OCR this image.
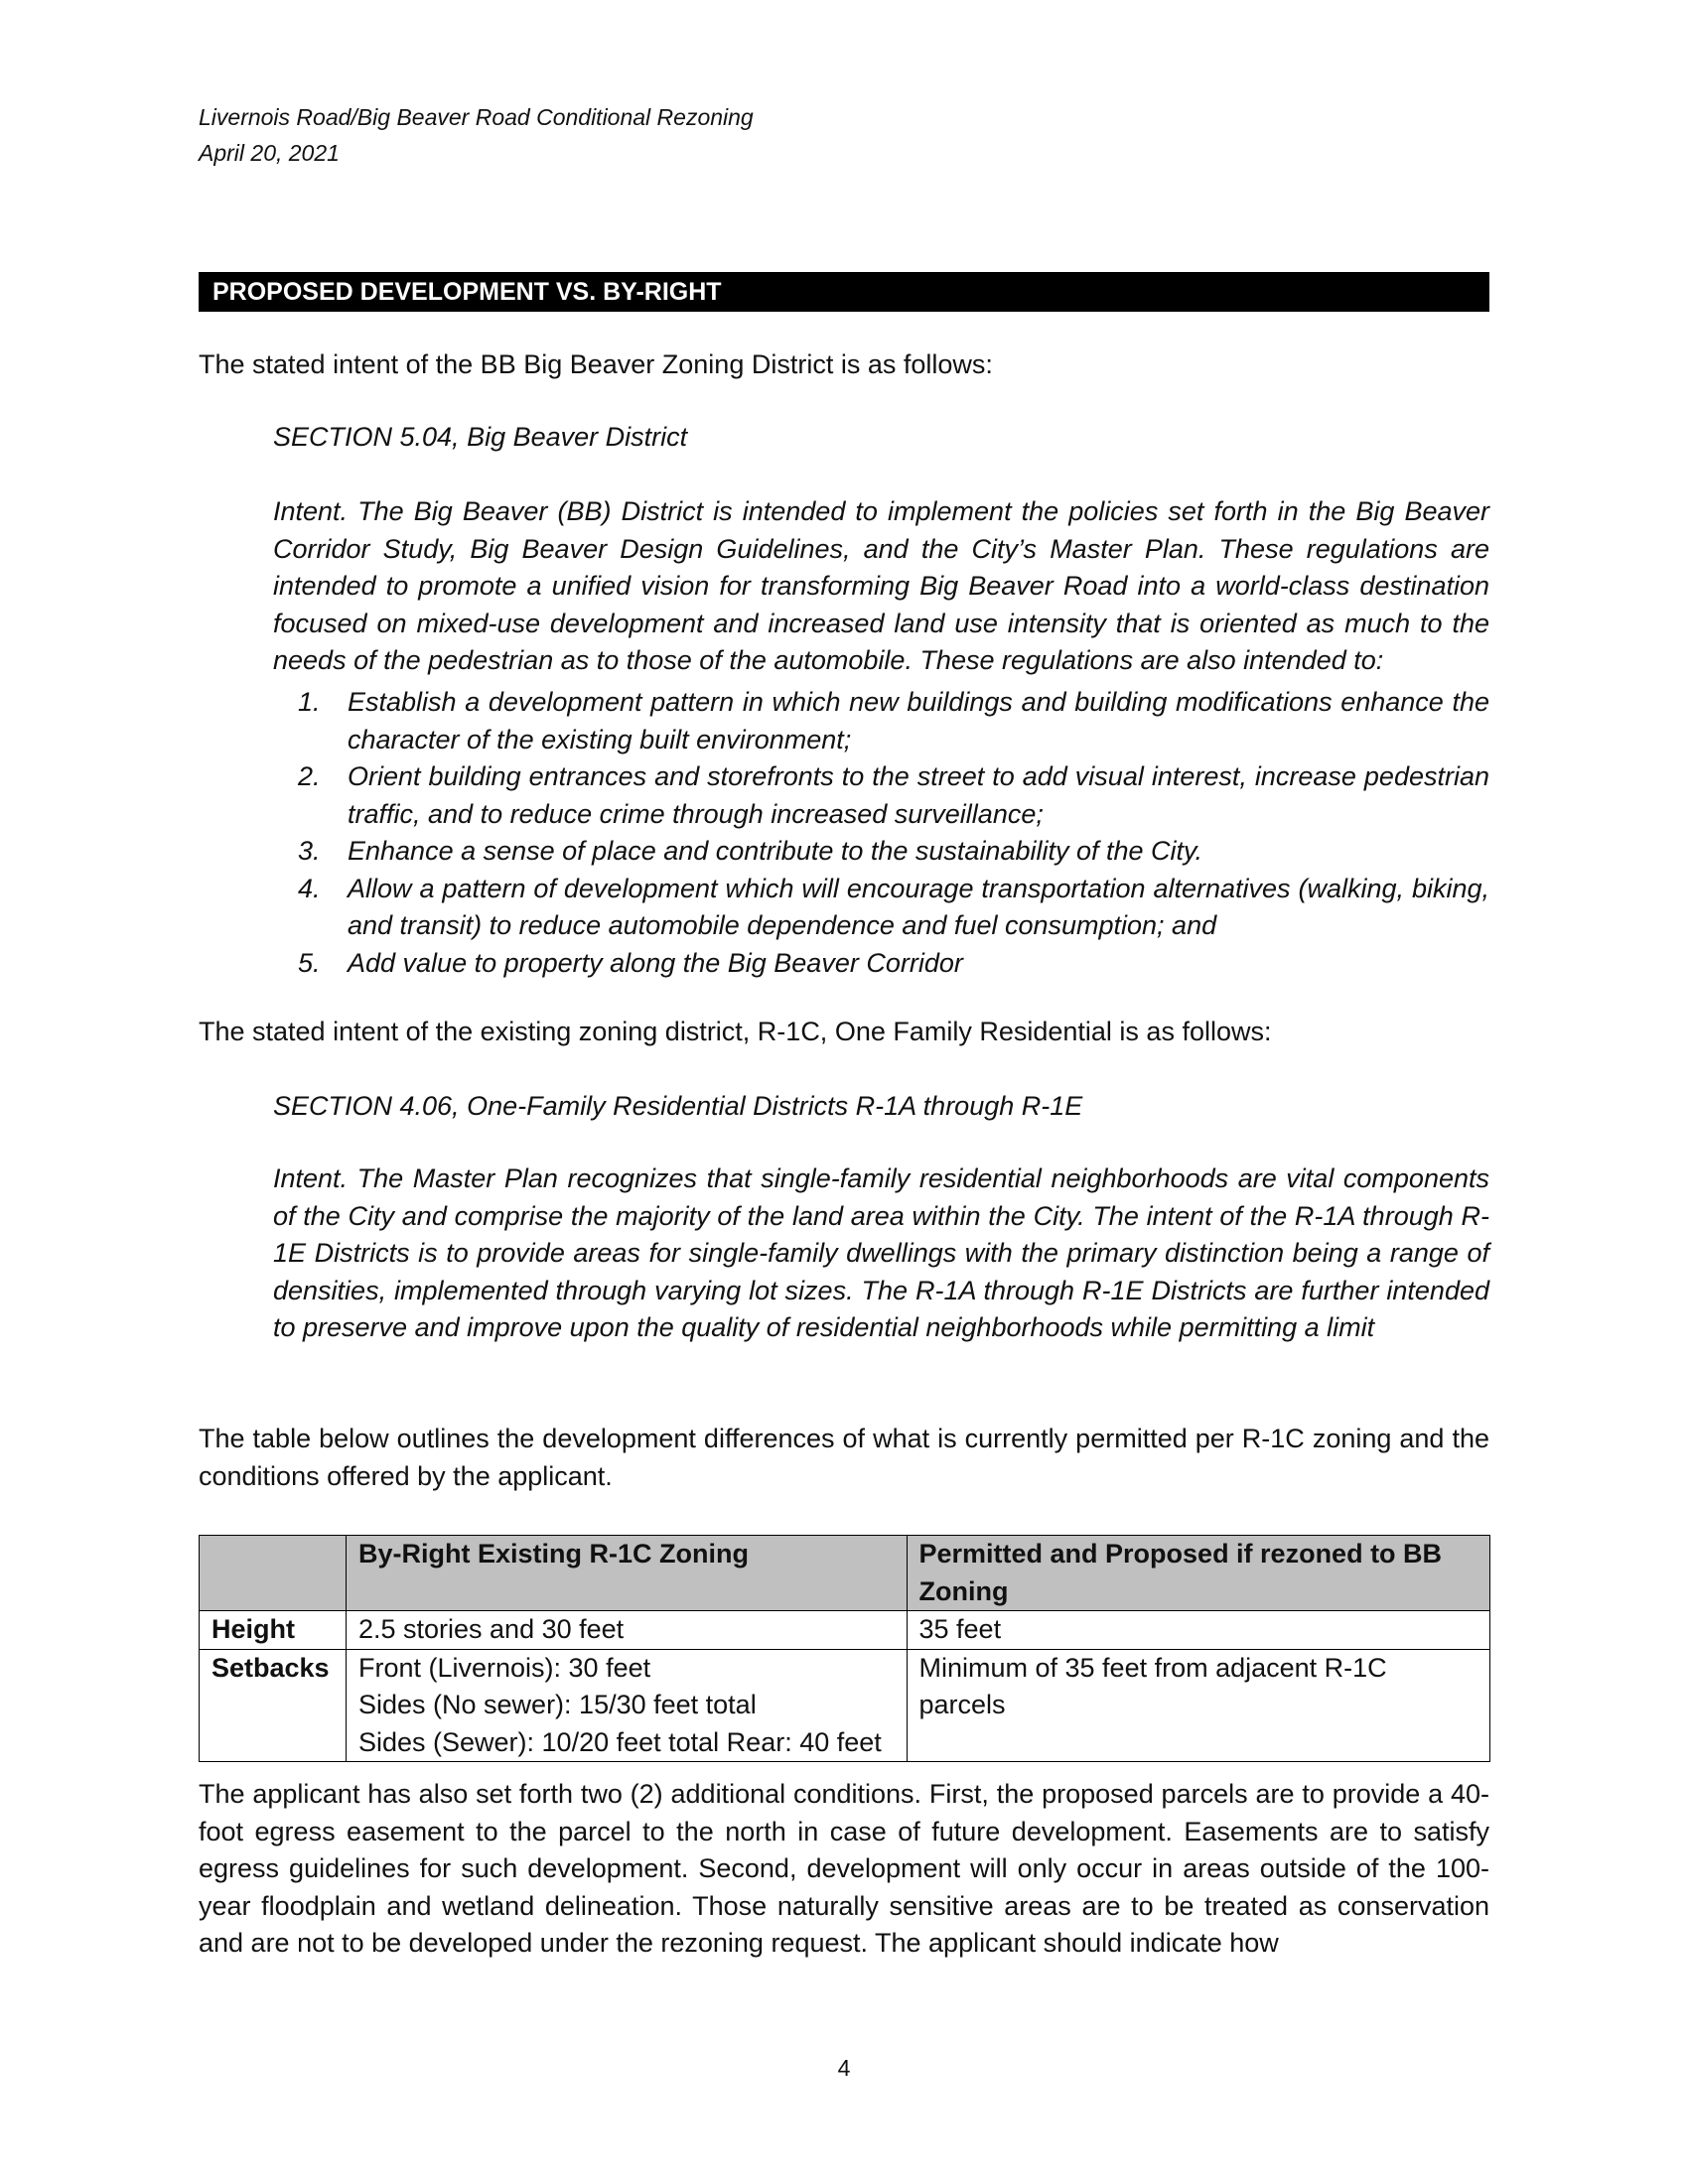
Livernois Road/Big Beaver Road Conditional Rezoning
April 20, 2021
PROPOSED DEVELOPMENT VS. BY-RIGHT
The stated intent of the BB Big Beaver Zoning District is as follows:
SECTION 5.04, Big Beaver District
Intent. The Big Beaver (BB) District is intended to implement the policies set forth in the Big Beaver Corridor Study, Big Beaver Design Guidelines, and the City’s Master Plan. These regulations are intended to promote a unified vision for transforming Big Beaver Road into a world-class destination focused on mixed-use development and increased land use intensity that is oriented as much to the needs of the pedestrian as to those of the automobile. These regulations are also intended to:
1. Establish a development pattern in which new buildings and building modifications enhance the character of the existing built environment;
2. Orient building entrances and storefronts to the street to add visual interest, increase pedestrian traffic, and to reduce crime through increased surveillance;
3. Enhance a sense of place and contribute to the sustainability of the City.
4. Allow a pattern of development which will encourage transportation alternatives (walking, biking, and transit) to reduce automobile dependence and fuel consumption; and
5. Add value to property along the Big Beaver Corridor
The stated intent of the existing zoning district, R-1C, One Family Residential is as follows:
SECTION 4.06, One-Family Residential Districts R-1A through R-1E
Intent. The Master Plan recognizes that single-family residential neighborhoods are vital components of the City and comprise the majority of the land area within the City. The intent of the R-1A through R-1E Districts is to provide areas for single-family dwellings with the primary distinction being a range of densities, implemented through varying lot sizes. The R-1A through R-1E Districts are further intended to preserve and improve upon the quality of residential neighborhoods while permitting a limit
The table below outlines the development differences of what is currently permitted per R-1C zoning and the conditions offered by the applicant.
	By-Right Existing R-1C Zoning	Permitted and Proposed if rezoned to BB Zoning
Height	2.5 stories and 30 feet	35 feet
Setbacks	Front (Livernois): 30 feet
Sides (No sewer): 15/30 feet total
Sides (Sewer): 10/20 feet total Rear: 40 feet	Minimum of 35 feet from adjacent R-1C parcels
The applicant has also set forth two (2) additional conditions. First, the proposed parcels are to provide a 40-foot egress easement to the parcel to the north in case of future development. Easements are to satisfy egress guidelines for such development. Second, development will only occur in areas outside of the 100-year floodplain and wetland delineation. Those naturally sensitive areas are to be treated as conservation and are not to be developed under the rezoning request. The applicant should indicate how
4
